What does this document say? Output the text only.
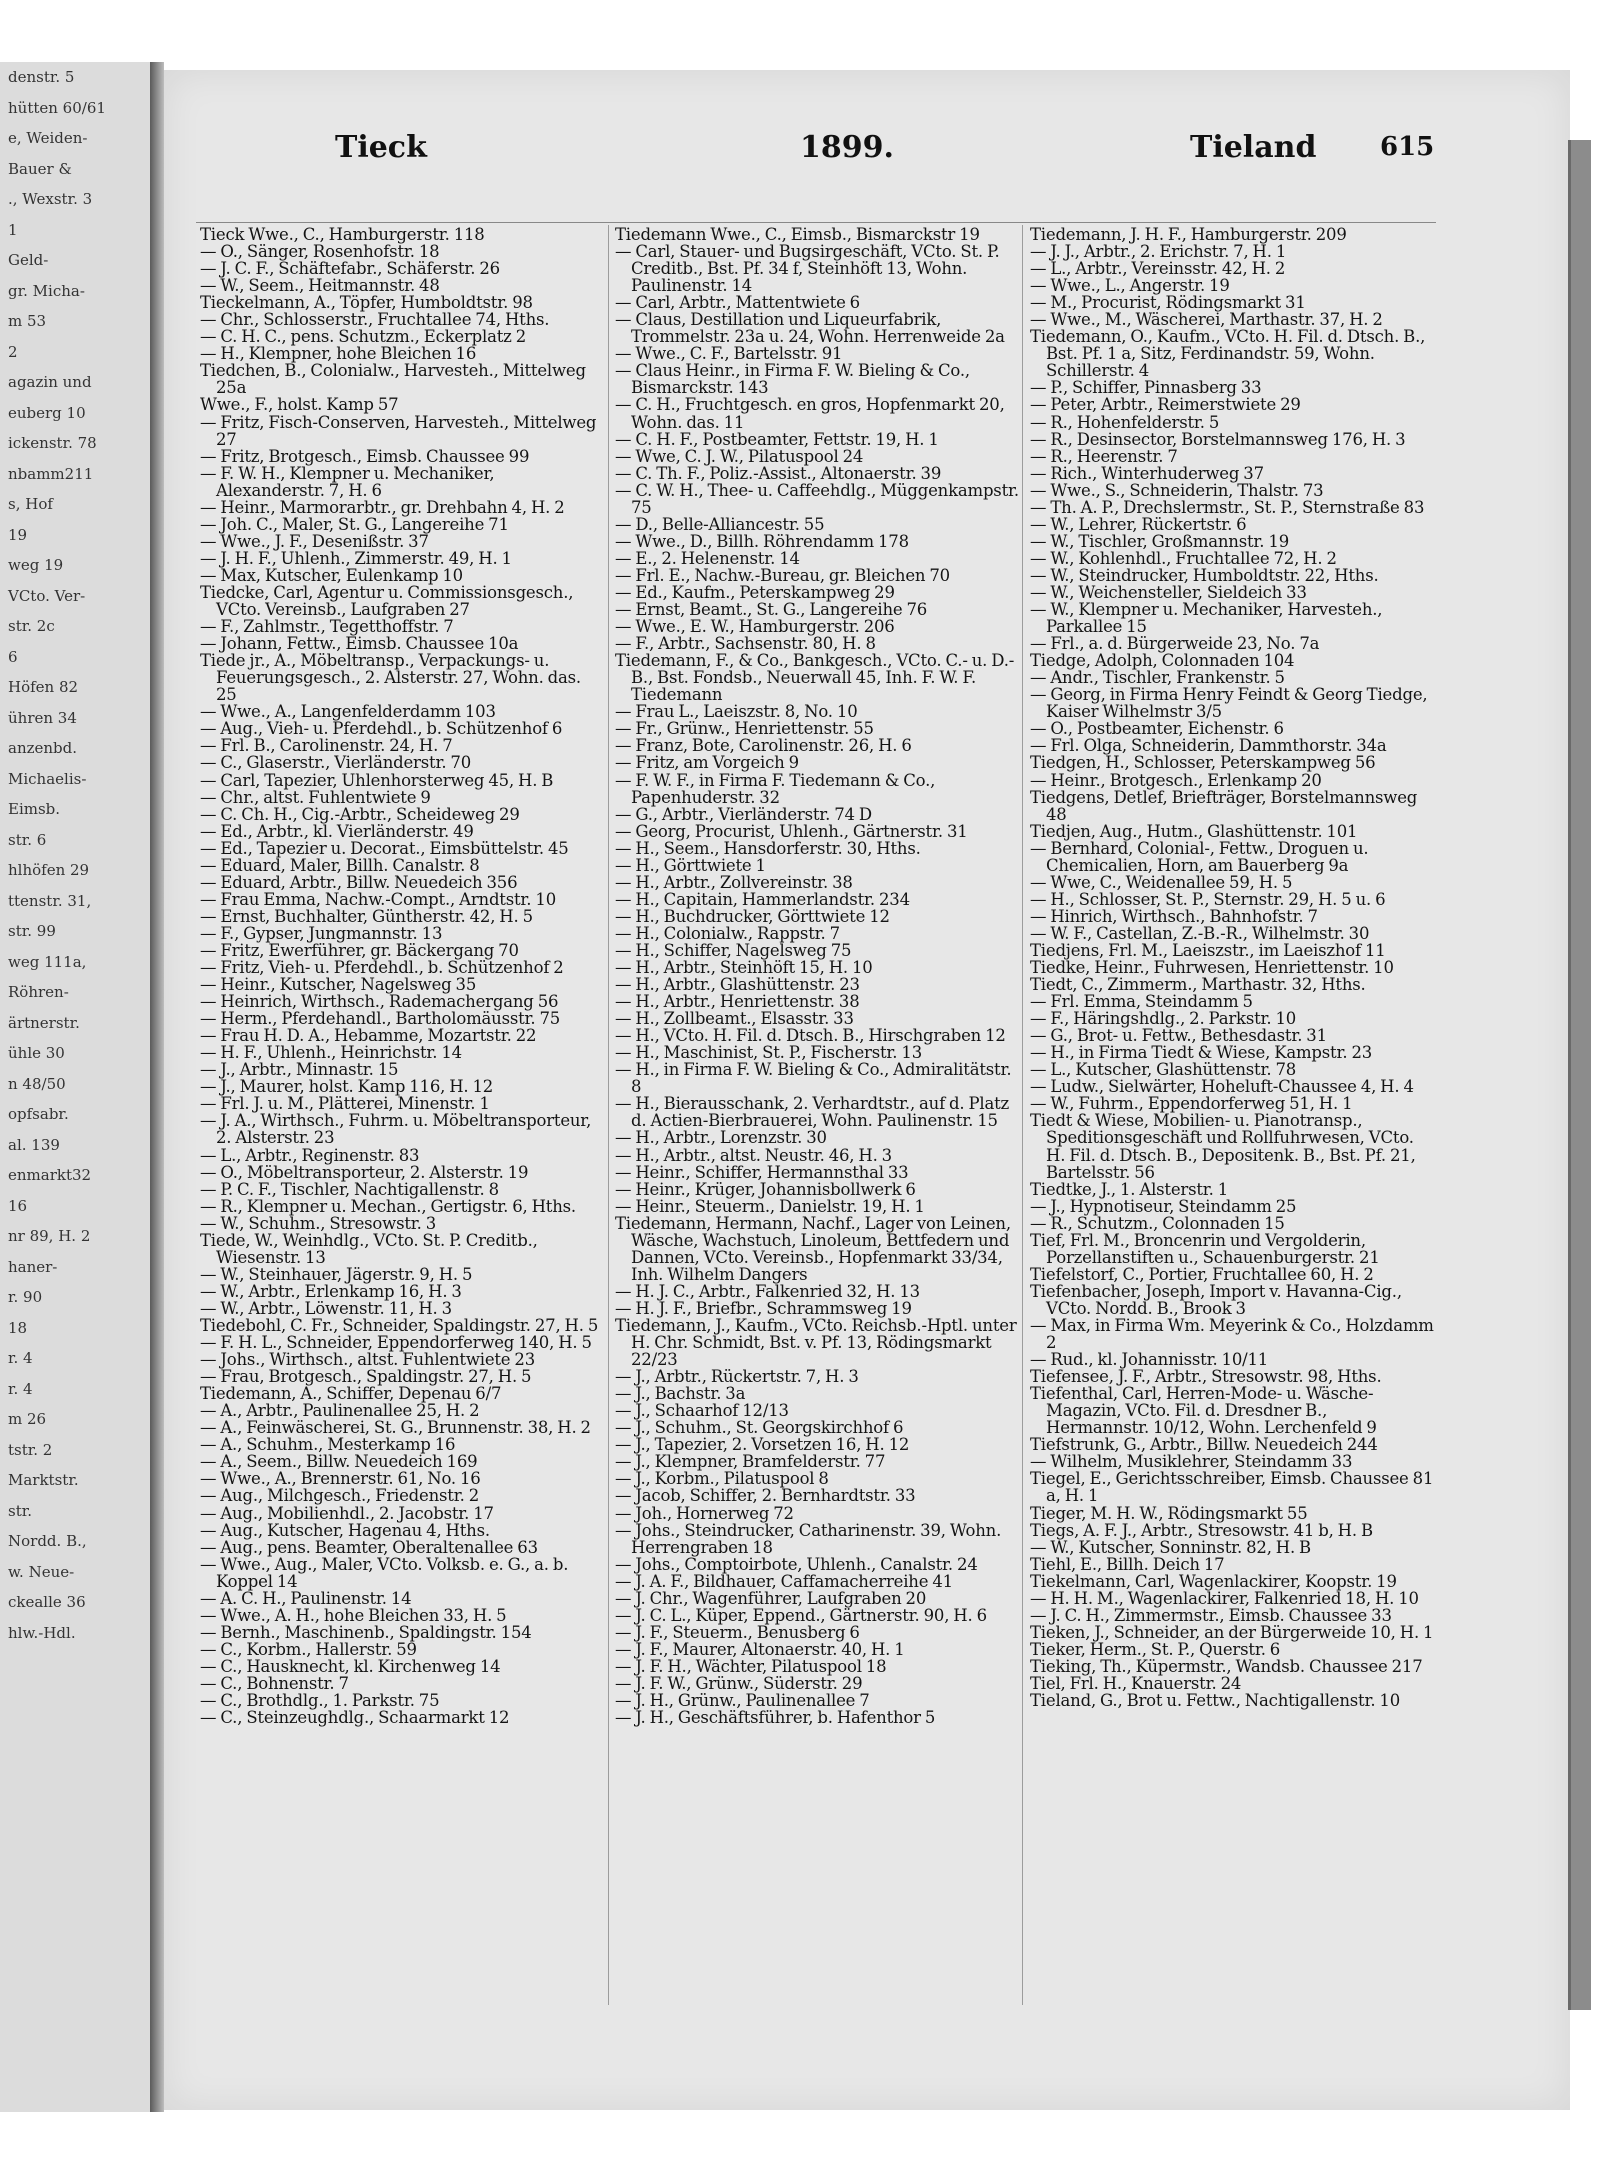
denstr. 5
hütten 60/61
e, Weiden-
Bauer &
., Wexstr. 3
1
Geld-
gr. Micha-
m 53
2
agazin und
euberg 10
ickenstr. 78
nbamm211
s, Hof
19
weg 19
VCto. Ver-
str. 2c
6
Höfen 82
ühren 34
anzenbd.
Michaelis-
Eimsb.
str. 6
hlhöfen 29
ttenstr. 31,
str. 99
weg 111a,
Röhren-
ärtnerstr.
ühle 30
n 48/50
opfsabr.
al. 139
enmarkt32
16
nr 89, H. 2
haner-
r. 90
18
r. 4
r. 4
m 26
tstr. 2
Marktstr.
str.
Nordd. B.,
w. Neue-
ckealle 36
hlw.-Hdl.
Tieck	1899.	Tieland 615

Tieck Wwe., C., Hamburgerstr. 118

— O., Sänger, Rosenhofstr. 18

— J. C. F., Schäftefabr., Schäferstr. 26

— W., Seem., Heitmannstr. 48

Tieckelmann, A., Töpfer, Humboldtstr. 98

— Chr., Schlosserstr., Fruchtallee 74, Hths.

— C. H. C., pens. Schutzm., Eckerplatz 2

— H., Klempner, hohe Bleichen 16

Tiedchen, B., Colonialw., Harvesteh., Mittelweg 25a

Wwe., F., holst. Kamp 57

— Fritz, Fisch-Conserven, Harvesteh., Mittelweg 27

— Fritz, Brotgesch., Eimsb. Chaussee 99

— F. W. H., Klempner u. Mechaniker, Alexanderstr. 7, H. 6

— Heinr., Marmorarbtr., gr. Drehbahn 4, H. 2

— Joh. C., Maler, St. G., Langereihe 71

— Wwe., J. F., Desenißstr. 37

— J. H. F., Uhlenh., Zimmerstr. 49, H. 1

— Max, Kutscher, Eulenkamp 10

Tiedcke, Carl, Agentur u. Commissionsgesch., VCto. Vereinsb., Laufgraben 27

— F., Zahlmstr., Tegetthoffstr. 7

— Johann, Fettw., Eimsb. Chaussee 10a

Tiede jr., A., Möbeltransp., Verpackungs- u. Feuerungsgesch., 2. Alsterstr. 27, Wohn. das. 25

— Wwe., A., Langenfelderdamm 103

— Aug., Vieh- u. Pferdehdl., b. Schützenhof 6

— Frl. B., Carolinenstr. 24, H. 7

— C., Glaserstr., Vierländerstr. 70

— Carl, Tapezier, Uhlenhorsterweg 45, H. B

— Chr., altst. Fuhlentwiete 9

— C. Ch. H., Cig.-Arbtr., Scheideweg 29

— Ed., Arbtr., kl. Vierländerstr. 49

— Ed., Tapezier u. Decorat., Eimsbüttelstr. 45

— Eduard, Maler, Billh. Canalstr. 8

— Eduard, Arbtr., Billw. Neuedeich 356

— Frau Emma, Nachw.-Compt., Arndtstr. 10

— Ernst, Buchhalter, Güntherstr. 42, H. 5

— F., Gypser, Jungmannstr. 13

— Fritz, Ewerführer, gr. Bäckergang 70

— Fritz, Vieh- u. Pferdehdl., b. Schützenhof 2

— Heinr., Kutscher, Nagelsweg 35

— Heinrich, Wirthsch., Rademachergang 56

— Herm., Pferdehandl., Bartholomäusstr. 75

— Frau H. D. A., Hebamme, Mozartstr. 22

— H. F., Uhlenh., Heinrichstr. 14

— J., Arbtr., Minnastr. 15

— J., Maurer, holst. Kamp 116, H. 12

— Frl. J. u. M., Plätterei, Minenstr. 1

— J. A., Wirthsch., Fuhrm. u. Möbeltransporteur, 2. Alsterstr. 23

— L., Arbtr., Reginenstr. 83

— O., Möbeltransporteur, 2. Alsterstr. 19

— P. C. F., Tischler, Nachtigallenstr. 8

— R., Klempner u. Mechan., Gertigstr. 6, Hths.

— W., Schuhm., Stresowstr. 3

Tiede, W., Weinhdlg., VCto. St. P. Creditb., Wiesenstr. 13

— W., Steinhauer, Jägerstr. 9, H. 5

— W., Arbtr., Erlenkamp 16, H. 3

— W., Arbtr., Löwenstr. 11, H. 3

Tiedebohl, C. Fr., Schneider, Spaldingstr. 27, H. 5

— F. H. L., Schneider, Eppendorferweg 140, H. 5

— Johs., Wirthsch., altst. Fuhlentwiete 23

— Frau, Brotgesch., Spaldingstr. 27, H. 5

Tiedemann, A., Schiffer, Depenau 6/7

— A., Arbtr., Paulinenallee 25, H. 2

— A., Feinwäscherei, St. G., Brunnenstr. 38, H. 2

— A., Schuhm., Mesterkamp 16

— A., Seem., Billw. Neuedeich 169

— Wwe., A., Brennerstr. 61, No. 16

— Aug., Milchgesch., Friedenstr. 2

— Aug., Mobilienhdl., 2. Jacobstr. 17

— Aug., Kutscher, Hagenau 4, Hths.

— Aug., pens. Beamter, Oberaltenallee 63

— Wwe., Aug., Maler, VCto. Volksb. e. G., a. b. Koppel 14

— A. C. H., Paulinenstr. 14

— Wwe., A. H., hohe Bleichen 33, H. 5

— Bernh., Maschinenb., Spaldingstr. 154

— C., Korbm., Hallerstr. 59

— C., Hausknecht, kl. Kirchenweg 14

— C., Bohnenstr. 7

— C., Brothdlg., 1. Parkstr. 75

— C., Steinzeughdlg., Schaarmarkt 12

Tiedemann Wwe., C., Eimsb., Bismarckstr 19

— Carl, Stauer- und Bugsirgeschäft, VCto. St. P. Creditb., Bst. Pf. 34 f, Steinhöft 13, Wohn. Paulinenstr. 14

— Carl, Arbtr., Mattentwiete 6

— Claus, Destillation und Liqueurfabrik, Trommelstr. 23a u. 24, Wohn. Herrenweide 2a

— Wwe., C. F., Bartelsstr. 91

— Claus Heinr., in Firma F. W. Bieling & Co., Bismarckstr. 143

— C. H., Fruchtgesch. en gros, Hopfenmarkt 20, Wohn. das. 11

— C. H. F., Postbeamter, Fettstr. 19, H. 1

— Wwe, C. J. W., Pilatuspool 24

— C. Th. F., Poliz.-Assist., Altonaerstr. 39

— C. W. H., Thee- u. Caffeehdlg., Müggenkampstr. 75

— D., Belle-Alliancestr. 55

— Wwe., D., Billh. Röhrendamm 178

— E., 2. Helenenstr. 14

— Frl. E., Nachw.-Bureau, gr. Bleichen 70

— Ed., Kaufm., Peterskampweg 29

— Ernst, Beamt., St. G., Langereihe 76

— Wwe., E. W., Hamburgerstr. 206

— F., Arbtr., Sachsenstr. 80, H. 8

Tiedemann, F., & Co., Bankgesch., VCto. C.- u. D.-B., Bst. Fondsb., Neuerwall 45, Inh. F. W. F. Tiedemann

— Frau L., Laeiszstr. 8, No. 10

— Fr., Grünw., Henriettenstr. 55

— Franz, Bote, Carolinenstr. 26, H. 6

— Fritz, am Vorgeich 9

— F. W. F., in Firma F. Tiedemann & Co., Papenhuderstr. 32

— G., Arbtr., Vierländerstr. 74 D

— Georg, Procurist, Uhlenh., Gärtnerstr. 31

— H., Seem., Hansdorferstr. 30, Hths.

— H., Görttwiete 1

— H., Arbtr., Zollvereinstr. 38

— H., Capitain, Hammerlandstr. 234

— H., Buchdrucker, Görttwiete 12

— H., Colonialw., Rappstr. 7

— H., Schiffer, Nagelsweg 75

— H., Arbtr., Steinhöft 15, H. 10

— H., Arbtr., Glashüttenstr. 23

— H., Arbtr., Henriettenstr. 38

— H., Zollbeamt., Elsasstr. 33

— H., VCto. H. Fil. d. Dtsch. B., Hirschgraben 12

— H., Maschinist, St. P., Fischerstr. 13

— H., in Firma F. W. Bieling & Co., Admiralitätstr. 8

— H., Bierausschank, 2. Verhardtstr., auf d. Platz d. Actien-Bierbrauerei, Wohn. Paulinenstr. 15

— H., Arbtr., Lorenzstr. 30

— H., Arbtr., altst. Neustr. 46, H. 3

— Heinr., Schiffer, Hermannsthal 33

— Heinr., Krüger, Johannisbollwerk 6

— Heinr., Steuerm., Danielstr. 19, H. 1

Tiedemann, Hermann, Nachf., Lager von Leinen, Wäsche, Wachstuch, Linoleum, Bettfedern und Dannen, VCto. Vereinsb., Hopfenmarkt 33/34, Inh. Wilhelm Dangers

— H. J. C., Arbtr., Falkenried 32, H. 13

— H. J. F., Briefbr., Schrammsweg 19

Tiedemann, J., Kaufm., VCto. Reichsb.-Hptl. unter H. Chr. Schmidt, Bst. v. Pf. 13, Rödingsmarkt 22/23

— J., Arbtr., Rückertstr. 7, H. 3

— J., Bachstr. 3a

— J., Schaarhof 12/13

— J., Schuhm., St. Georgskirchhof 6

— J., Tapezier, 2. Vorsetzen 16, H. 12

— J., Klempner, Bramfelderstr. 77

— J., Korbm., Pilatuspool 8

— Jacob, Schiffer, 2. Bernhardtstr. 33

— Joh., Hornerweg 72

— Johs., Steindrucker, Catharinenstr. 39, Wohn. Herrengraben 18

— Johs., Comptoirbote, Uhlenh., Canalstr. 24

— J. A. F., Bildhauer, Caffamacherreihe 41

— J. Chr., Wagenführer, Laufgraben 20

— J. C. L., Küper, Eppend., Gärtnerstr. 90, H. 6

— J. F., Steuerm., Benusberg 6

— J. F., Maurer, Altonaerstr. 40, H. 1

— J. F. H., Wächter, Pilatuspool 18

— J. F. W., Grünw., Süderstr. 29

— J. H., Grünw., Paulinenallee 7

— J. H., Geschäftsführer, b. Hafenthor 5

Tiedemann, J. H. F., Hamburgerstr. 209

— J. J., Arbtr., 2. Erichstr. 7, H. 1

— L., Arbtr., Vereinsstr. 42, H. 2

— Wwe., L., Angerstr. 19

— M., Procurist, Rödingsmarkt 31

— Wwe., M., Wäscherei, Marthastr. 37, H. 2

Tiedemann, O., Kaufm., VCto. H. Fil. d. Dtsch. B., Bst. Pf. 1 a, Sitz, Ferdinandstr. 59, Wohn. Schillerstr. 4

— P., Schiffer, Pinnasberg 33

— Peter, Arbtr., Reimerstwiete 29

— R., Hohenfelderstr. 5

— R., Desinsector, Borstelmannsweg 176, H. 3

— R., Heerenstr. 7

— Rich., Winterhuderweg 37

— Wwe., S., Schneiderin, Thalstr. 73

— Th. A. P., Drechslermstr., St. P., Sternstraße 83

— W., Lehrer, Rückertstr. 6

— W., Tischler, Großmannstr. 19

— W., Kohlenhdl., Fruchtallee 72, H. 2

— W., Steindrucker, Humboldtstr. 22, Hths.

— W., Weichensteller, Sieldeich 33

— W., Klempner u. Mechaniker, Harvesteh., Parkallee 15

— Frl., a. d. Bürgerweide 23, No. 7a

Tiedge, Adolph, Colonnaden 104

— Andr., Tischler, Frankenstr. 5

— Georg, in Firma Henry Feindt & Georg Tiedge, Kaiser Wilhelmstr 3/5

— O., Postbeamter, Eichenstr. 6

— Frl. Olga, Schneiderin, Dammthorstr. 34a

Tiedgen, H., Schlosser, Peterskampweg 56

— Heinr., Brotgesch., Erlenkamp 20

Tiedgens, Detlef, Briefträger, Borstelmannsweg 48

Tiedjen, Aug., Hutm., Glashüttenstr. 101

— Bernhard, Colonial-, Fettw., Droguen u. Chemicalien, Horn, am Bauerberg 9a

— Wwe, C., Weidenallee 59, H. 5

— H., Schlosser, St. P., Sternstr. 29, H. 5 u. 6

— Hinrich, Wirthsch., Bahnhofstr. 7

— W. F., Castellan, Z.-B.-R., Wilhelmstr. 30

Tiedjens, Frl. M., Laeiszstr., im Laeiszhof 11

Tiedke, Heinr., Fuhrwesen, Henriettenstr. 10

Tiedt, C., Zimmerm., Marthastr. 32, Hths.

— Frl. Emma, Steindamm 5

— F., Häringshdlg., 2. Parkstr. 10

— G., Brot- u. Fettw., Bethesdastr. 31

— H., in Firma Tiedt & Wiese, Kampstr. 23

— L., Kutscher, Glashüttenstr. 78

— Ludw., Sielwärter, Hoheluft-Chaussee 4, H. 4

— W., Fuhrm., Eppendorferweg 51, H. 1

Tiedt & Wiese, Mobilien- u. Pianotransp., Speditionsgeschäft und Rollfuhrwesen, VCto. H. Fil. d. Dtsch. B., Depositenk. B., Bst. Pf. 21, Bartelsstr. 56

Tiedtke, J., 1. Alsterstr. 1

— J., Hypnotiseur, Steindamm 25

— R., Schutzm., Colonnaden 15

Tief, Frl. M., Broncenrin und Vergolderin, Porzellanstiften u., Schauenburgerstr. 21

Tiefelstorf, C., Portier, Fruchtallee 60, H. 2

Tiefenbacher, Joseph, Import v. Havanna-Cig., VCto. Nordd. B., Brook 3

— Max, in Firma Wm. Meyerink & Co., Holzdamm 2

— Rud., kl. Johannisstr. 10/11

Tiefensee, J. F., Arbtr., Stresowstr. 98, Hths.

Tiefenthal, Carl, Herren-Mode- u. Wäsche-Magazin, VCto. Fil. d. Dresdner B., Hermannstr. 10/12, Wohn. Lerchenfeld 9

Tiefstrunk, G., Arbtr., Billw. Neuedeich 244

— Wilhelm, Musiklehrer, Steindamm 33

Tiegel, E., Gerichtsschreiber, Eimsb. Chaussee 81 a, H. 1

Tieger, M. H. W., Rödingsmarkt 55

Tiegs, A. F. J., Arbtr., Stresowstr. 41 b, H. B

— W., Kutscher, Sonninstr. 82, H. B

Tiehl, E., Billh. Deich 17

Tiekelmann, Carl, Wagenlackirer, Koopstr. 19

— H. H. M., Wagenlackirer, Falkenried 18, H. 10

— J. C. H., Zimmermstr., Eimsb. Chaussee 33

Tieken, J., Schneider, an der Bürgerweide 10, H. 1

Tieker, Herm., St. P., Querstr. 6

Tieking, Th., Küpermstr., Wandsb. Chaussee 217

Tiel, Frl. H., Knauerstr. 24

Tieland, G., Brot u. Fettw., Nachtigallenstr. 10
